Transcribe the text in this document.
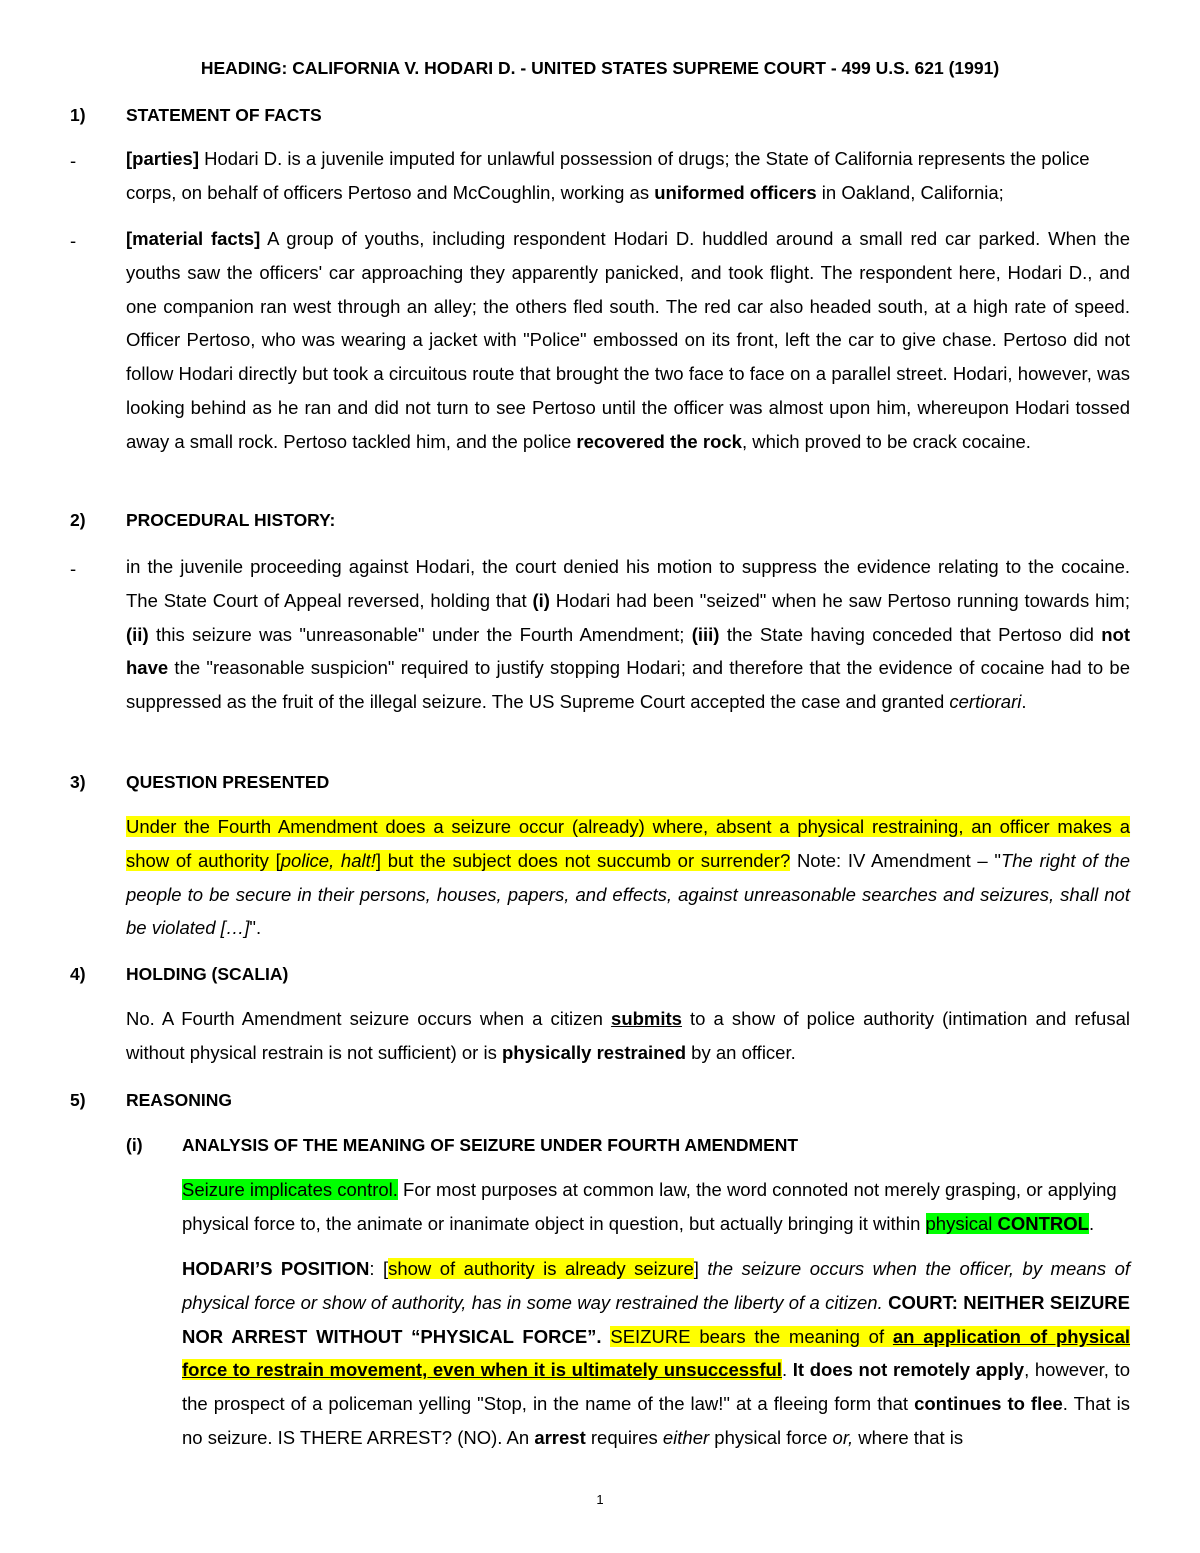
HEADING: CALIFORNIA V. HODARI D. - UNITED STATES SUPREME COURT - 499 U.S. 621 (1991)
1) STATEMENT OF FACTS
-	[parties] Hodari D. is a juvenile imputed for unlawful possession of drugs; the State of California represents the police corps, on behalf of officers Pertoso and McCoughlin, working as uniformed officers in Oakland, California;
-	[material facts] A group of youths, including respondent Hodari D. huddled around a small red car parked. When the youths saw the officers' car approaching they apparently panicked, and took flight. The respondent here, Hodari D., and one companion ran west through an alley; the others fled south. The red car also headed south, at a high rate of speed. Officer Pertoso, who was wearing a jacket with "Police" embossed on its front, left the car to give chase. Pertoso did not follow Hodari directly but took a circuitous route that brought the two face to face on a parallel street. Hodari, however, was looking behind as he ran and did not turn to see Pertoso until the officer was almost upon him, whereupon Hodari tossed away a small rock. Pertoso tackled him, and the police recovered the rock, which proved to be crack cocaine.
2) PROCEDURAL HISTORY:
-	in the juvenile proceeding against Hodari, the court denied his motion to suppress the evidence relating to the cocaine. The State Court of Appeal reversed, holding that (i) Hodari had been "seized" when he saw Pertoso running towards him; (ii) this seizure was "unreasonable" under the Fourth Amendment; (iii) the State having conceded that Pertoso did not have the "reasonable suspicion" required to justify stopping Hodari; and therefore that the evidence of cocaine had to be suppressed as the fruit of the illegal seizure. The US Supreme Court accepted the case and granted certiorari.
3) QUESTION PRESENTED
Under the Fourth Amendment does a seizure occur (already) where, absent a physical restraining, an officer makes a show of authority [police, halt!] but the subject does not succumb or surrender? Note: IV Amendment – "The right of the people to be secure in their persons, houses, papers, and effects, against unreasonable searches and seizures, shall not be violated […]".
4) HOLDING (SCALIA)
No. A Fourth Amendment seizure occurs when a citizen submits to a show of police authority (intimation and refusal without physical restrain is not sufficient) or is physically restrained by an officer.
5) REASONING
(i) ANALYSIS OF THE MEANING OF SEIZURE UNDER FOURTH AMENDMENT
Seizure implicates control. For most purposes at common law, the word connoted not merely grasping, or applying physical force to, the animate or inanimate object in question, but actually bringing it within physical CONTROL.
HODARI’S POSITION: [show of authority is already seizure] the seizure occurs when the officer, by means of physical force or show of authority, has in some way restrained the liberty of a citizen. COURT: NEITHER SEIZURE NOR ARREST WITHOUT “PHYSICAL FORCE”. SEIZURE bears the meaning of an application of physical force to restrain movement, even when it is ultimately unsuccessful. It does not remotely apply, however, to the prospect of a policeman yelling "Stop, in the name of the law!" at a fleeing form that continues to flee. That is no seizure. IS THERE ARREST? (NO). An arrest requires either physical force or, where that is
1
